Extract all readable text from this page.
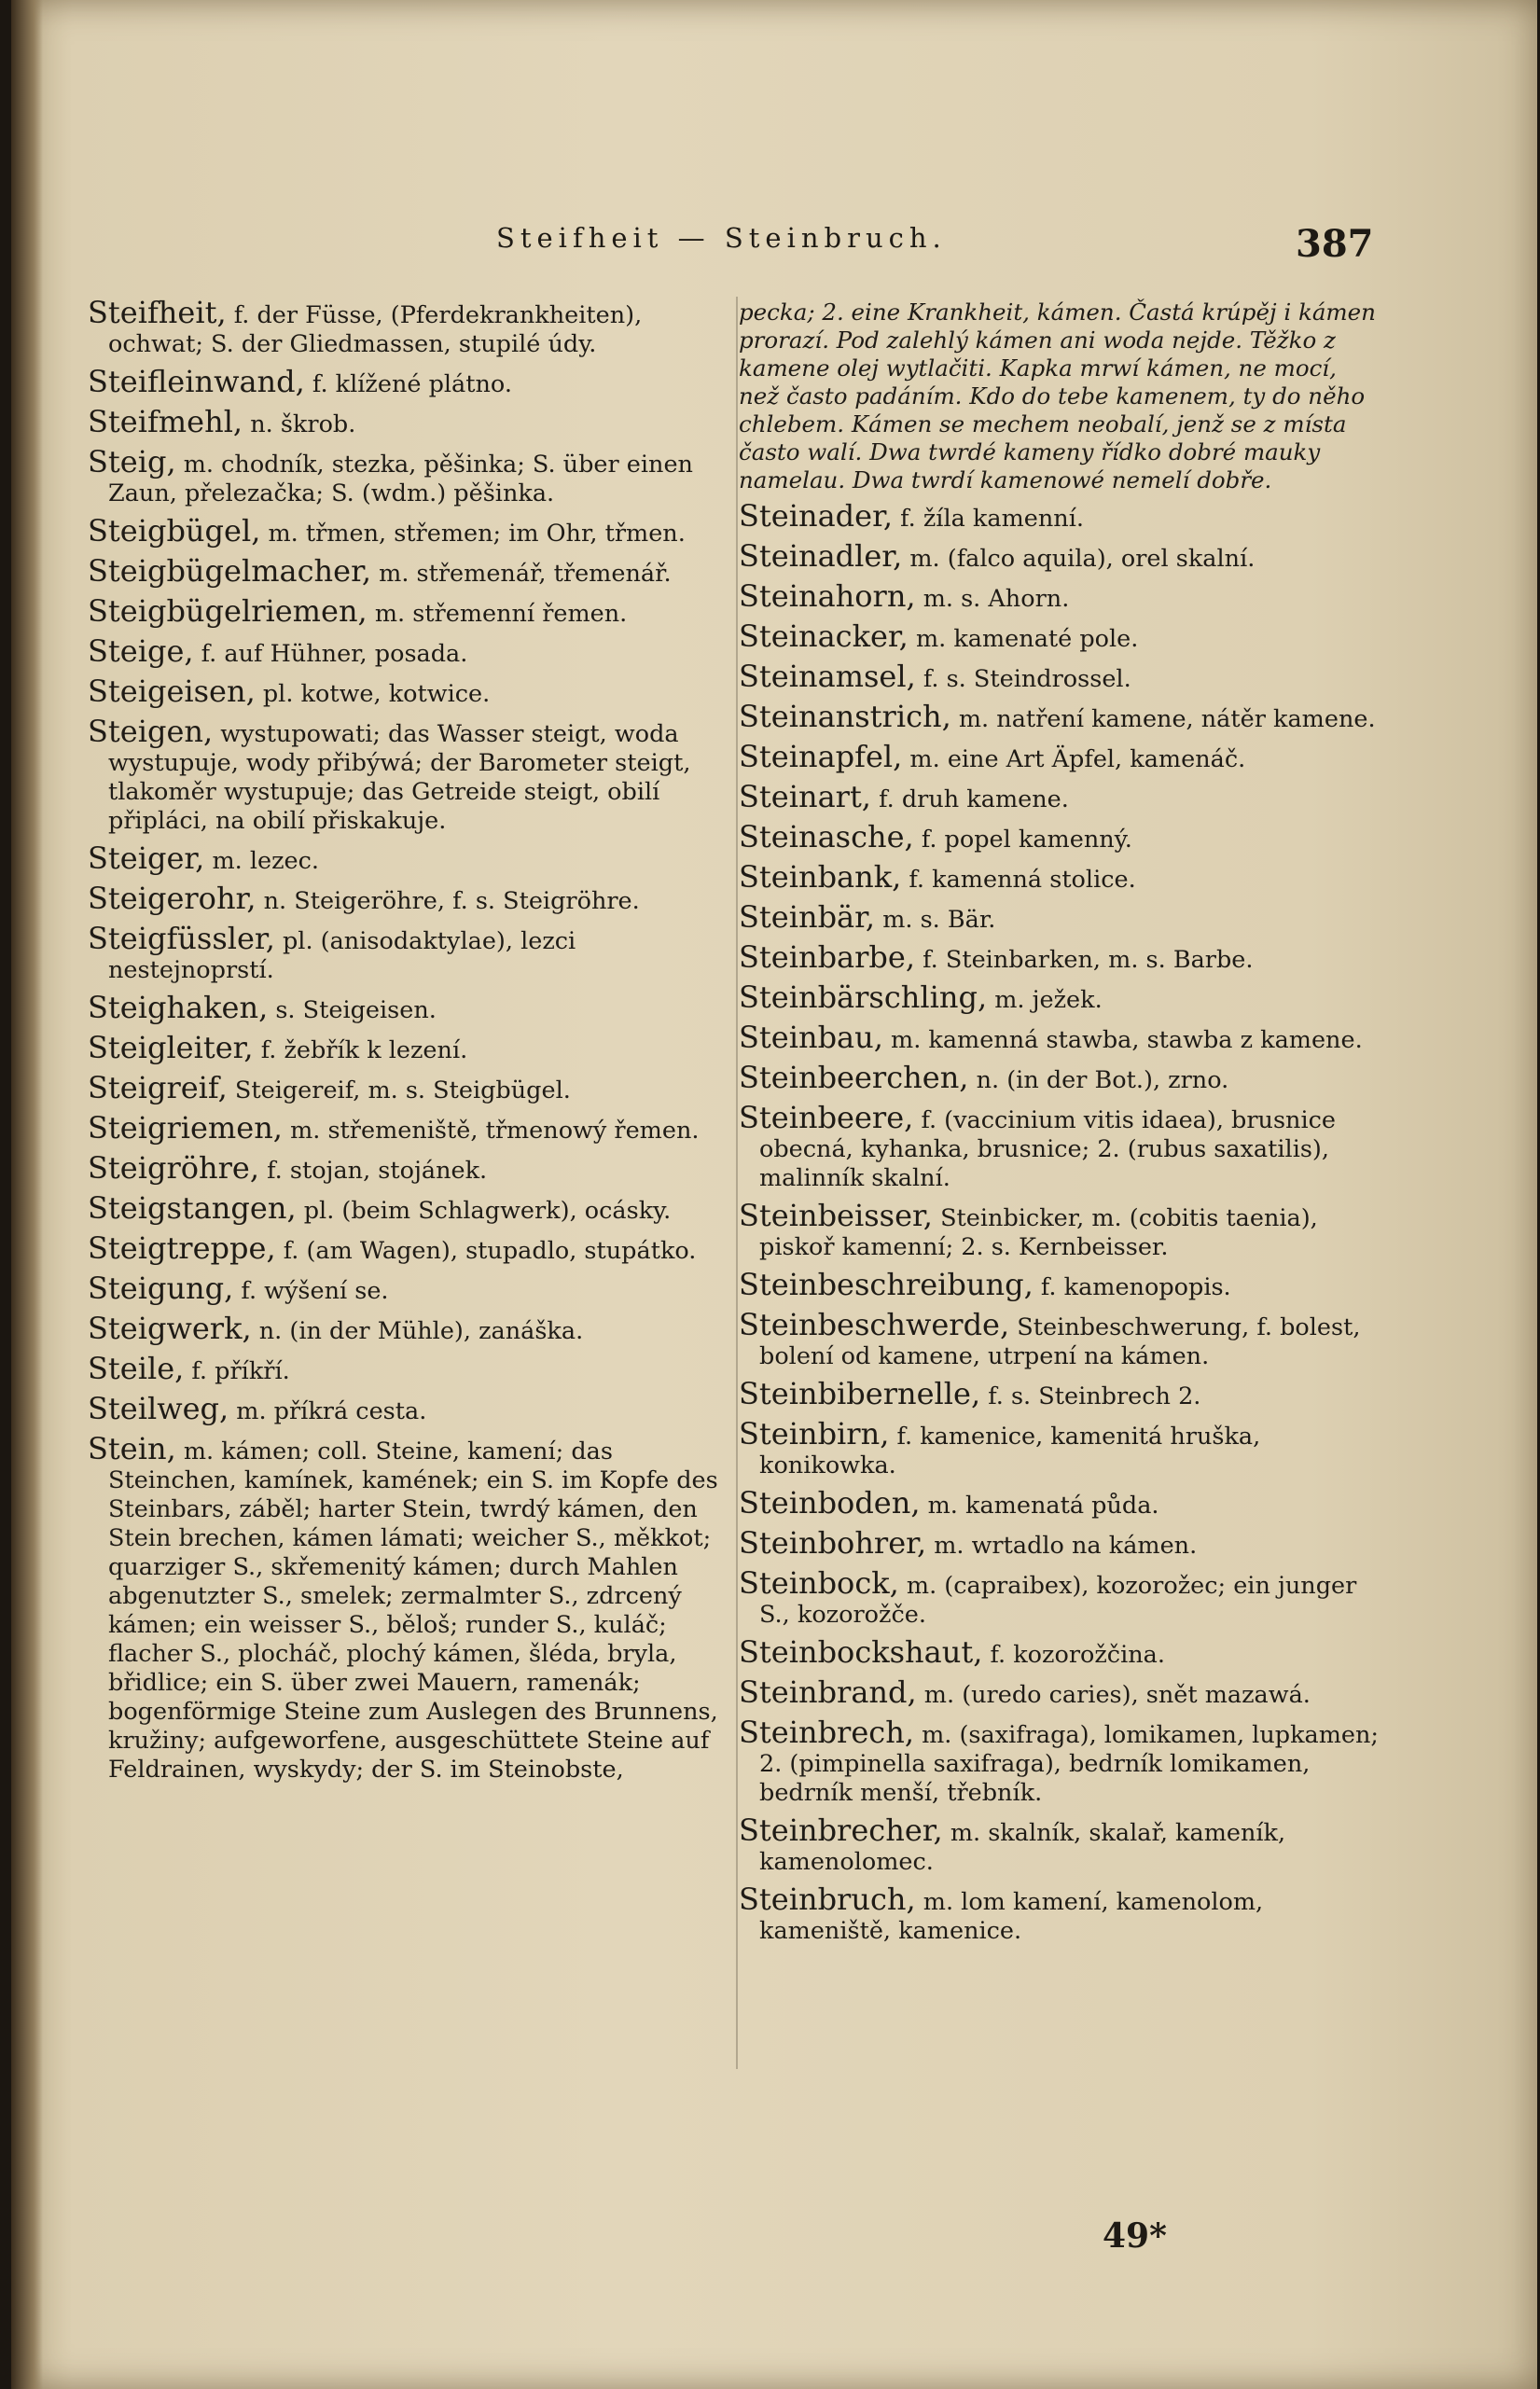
Steifheit — Steinbruch.	387

Steifheit, f. der Füsse, (Pferdekrankheiten), ochwat; S. der Gliedmassen, stupilé údy.

Steifleinwand, f. klížené plátno.

Steifmehl, n. škrob.

Steig, m. chodník, stezka, pěšinka; S. über einen Zaun, přelezačka; S. (wdm.) pěšinka.

Steigbügel, m. třmen, střemen; im Ohr, třmen.

Steigbügelmacher, m. střemenář, třemenář.

Steigbügelriemen, m. střemenní řemen.

Steige, f. auf Hühner, posada.

Steigeisen, pl. kotwe, kotwice.

Steigen, wystupowati; das Wasser steigt, woda wystupuje, wody přibýwá; der Barometer steigt, tlakoměr wystupuje; das Getreide steigt, obilí připláci, na obilí přiskakuje.

Steiger, m. lezec.

Steigerohr, n. Steigeröhre, f. s. Steigröhre.

Steigfüssler, pl. (anisodaktylae), lezci nestejnoprstí.

Steighaken, s. Steigeisen.

Steigleiter, f. žebřík k lezení.

Steigreif, Steigereif, m. s. Steigbügel.

Steigriemen, m. střemeniště, třmenowý řemen.

Steigröhre, f. stojan, stojánek.

Steigstangen, pl. (beim Schlagwerk), ocásky.

Steigtreppe, f. (am Wagen), stupadlo, stupátko.

Steigung, f. wýšení se.

Steigwerk, n. (in der Mühle), zanáška.

Steile, f. příkří.

Steilweg, m. příkrá cesta.

Stein, m. kámen; coll. Steine, kamení; das Steinchen, kamínek, kamének; ein S. im Kopfe des Steinbars, záběl; harter Stein, twrdý kámen, den Stein brechen, kámen lámati; weicher S., měkkot; quarziger S., skřemenitý kámen; durch Mahlen abgenutzter S., smelek; zermalmter S., zdrcený kámen; ein weisser S., běloš; runder S., kuláč; flacher S., plocháč, plochý kámen, šléda, bryla, břidlice; ein S. über zwei Mauern, ramenák; bogenförmige Steine zum Auslegen des Brunnens, kružiny; aufgeworfene, ausgeschüttete Steine auf Feldrainen, wyskydy; der S. im Steinobste,

pecka; 2. eine Krankheit, kámen. Častá krúpěj i kámen prorazí. Pod zalehlý kámen ani woda nejde. Těžko z kamene olej wytlačiti. Kapka mrwí kámen, ne mocí, než často padáním. Kdo do tebe kamenem, ty do něho chlebem. Kámen se mechem neobalí, jenž se z místa často walí. Dwa twrdé kameny řídko dobré mauky namelau. Dwa twrdí kamenowé nemelí dobře.

Steinader, f. žíla kamenní.

Steinadler, m. (falco aquila), orel skalní.

Steinahorn, m. s. Ahorn.

Steinacker, m. kamenaté pole.

Steinamsel, f. s. Steindrossel.

Steinanstrich, m. natření kamene, nátěr kamene.

Steinapfel, m. eine Art Äpfel, kamenáč.

Steinart, f. druh kamene.

Steinasche, f. popel kamenný.

Steinbank, f. kamenná stolice.

Steinbär, m. s. Bär.

Steinbarbe, f. Steinbarken, m. s. Barbe.

Steinbärschling, m. ježek.

Steinbau, m. kamenná stawba, stawba z kamene.

Steinbeerchen, n. (in der Bot.), zrno.

Steinbeere, f. (vaccinium vitis idaea), brusnice obecná, kyhanka, brusnice; 2. (rubus saxatilis), malinník skalní.

Steinbeisser, Steinbicker, m. (cobitis taenia), piskoř kamenní; 2. s. Kernbeisser.

Steinbeschreibung, f. kamenopopis.

Steinbeschwerde, Steinbeschwerung, f. bolest, bolení od kamene, utrpení na kámen.

Steinbibernelle, f. s. Steinbrech 2.

Steinbirn, f. kamenice, kamenitá hruška, konikowka.

Steinboden, m. kamenatá půda.

Steinbohrer, m. wrtadlo na kámen.

Steinbock, m. (capraibex), kozorožec; ein junger S., kozorožče.

Steinbockshaut, f. kozorožčina.

Steinbrand, m. (uredo caries), snět mazawá.

Steinbrech, m. (saxifraga), lomikamen, lupkamen; 2. (pimpinella saxifraga), bedrník lomikamen, bedrník menší, třebník.

Steinbrecher, m. skalník, skalař, kameník, kamenolomec.

Steinbruch, m. lom kamení, kamenolom, kameniště, kamenice.

49*
